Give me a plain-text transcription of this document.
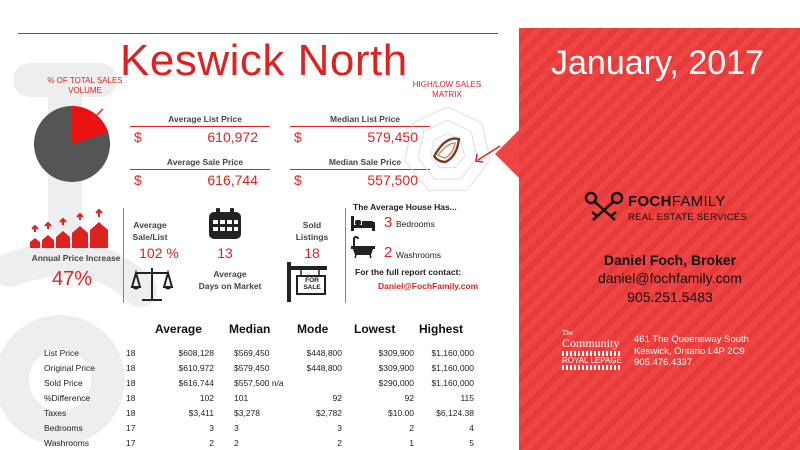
Keswick North
% OF TOTAL SALES VOLUME
Average List Price
$	610,972
Median List Price
$	579,450
Average Sale Price
$	616,744
Median Sale Price
$	557,500
HIGH/LOW SALES MATRIX
January, 2017
FOCHFAMILY
REAL ESTATE SERVICES
Daniel Foch, Broker
daniel@fochfamily.com
905.251.5483
The
Community
ROYAL LEPAGE
461 The Queensway South
Keswick, Ontario L4P 2C9
905.476.4337
Annual Price Increase
47%
Average
Sale/List
102 %	13
Average
Days on Market
Sold
Listings
18
FOR SALE
The Average House Has...
3 Bedrooms
2 Washrooms
For the full report contact:
Daniel@FochFamily.com
Average Median Mode Lowest Highest
List Price	18	$608,128 $569,450	$448,800	$309,900	$1,160,000
Original Price	18	$610,972 $579,450	$448,800	$309,900	$1,160,000
Sold Price	18	$616,744 $557,500 n/a	$290,000	$1,160,000
%Difference	18	102 101	92	92	115
Taxes	18	$3,411 $3,278	$2,782	$10.00	$6,124.38
Bedrooms	17	3 3	3	2	4
Washrooms	17	2 2	2	1	5
